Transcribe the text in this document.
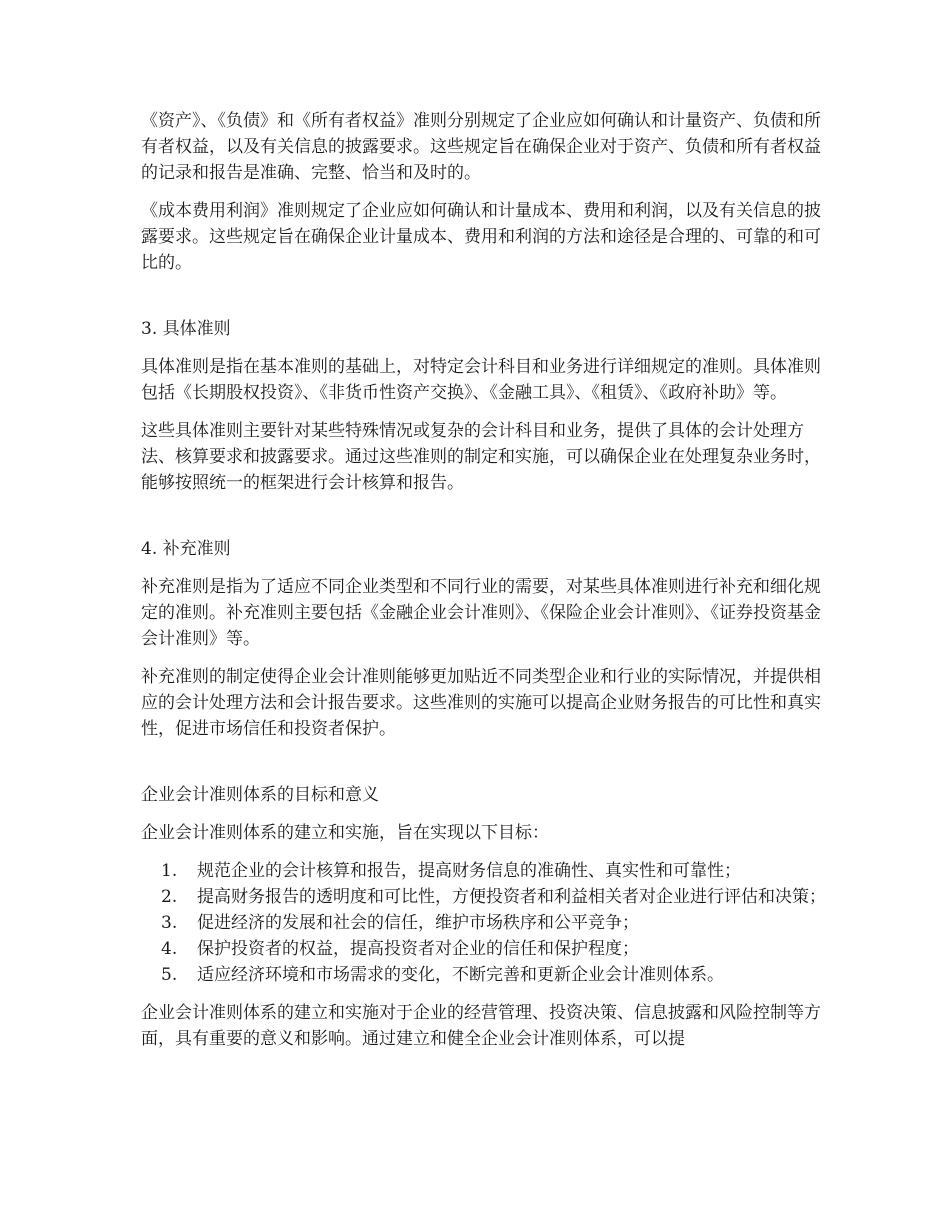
《资产》、《负债》和《所有者权益》准则分别规定了企业应如何确认和计量资产、负债和所有者权益，以及有关信息的披露要求。这些规定旨在确保企业对于资产、负债和所有者权益的记录和报告是准确、完整、恰当和及时的。

《成本费用利润》准则规定了企业应如何确认和计量成本、费用和利润，以及有关信息的披露要求。这些规定旨在确保企业计量成本、费用和利润的方法和途径是合理的、可靠的和可比的。

3. 具体准则

具体准则是指在基本准则的基础上，对特定会计科目和业务进行详细规定的准则。具体准则包括《长期股权投资》、《非货币性资产交换》、《金融工具》、《租赁》、《政府补助》等。

这些具体准则主要针对某些特殊情况或复杂的会计科目和业务，提供了具体的会计处理方法、核算要求和披露要求。通过这些准则的制定和实施，可以确保企业在处理复杂业务时，能够按照统一的框架进行会计核算和报告。

4. 补充准则

补充准则是指为了适应不同企业类型和不同行业的需要，对某些具体准则进行补充和细化规定的准则。补充准则主要包括《金融企业会计准则》、《保险企业会计准则》、《证券投资基金会计准则》等。

补充准则的制定使得企业会计准则能够更加贴近不同类型企业和行业的实际情况，并提供相应的会计处理方法和会计报告要求。这些准则的实施可以提高企业财务报告的可比性和真实性，促进市场信任和投资者保护。

企业会计准则体系的目标和意义

企业会计准则体系的建立和实施，旨在实现以下目标：

1. 规范企业的会计核算和报告，提高财务信息的准确性、真实性和可靠性；
2. 提高财务报告的透明度和可比性，方便投资者和利益相关者对企业进行评估和决策；
3. 促进经济的发展和社会的信任，维护市场秩序和公平竞争；
4. 保护投资者的权益，提高投资者对企业的信任和保护程度；
5. 适应经济环境和市场需求的变化，不断完善和更新企业会计准则体系。

企业会计准则体系的建立和实施对于企业的经营管理、投资决策、信息披露和风险控制等方面，具有重要的意义和影响。通过建立和健全企业会计准则体系，可以提
